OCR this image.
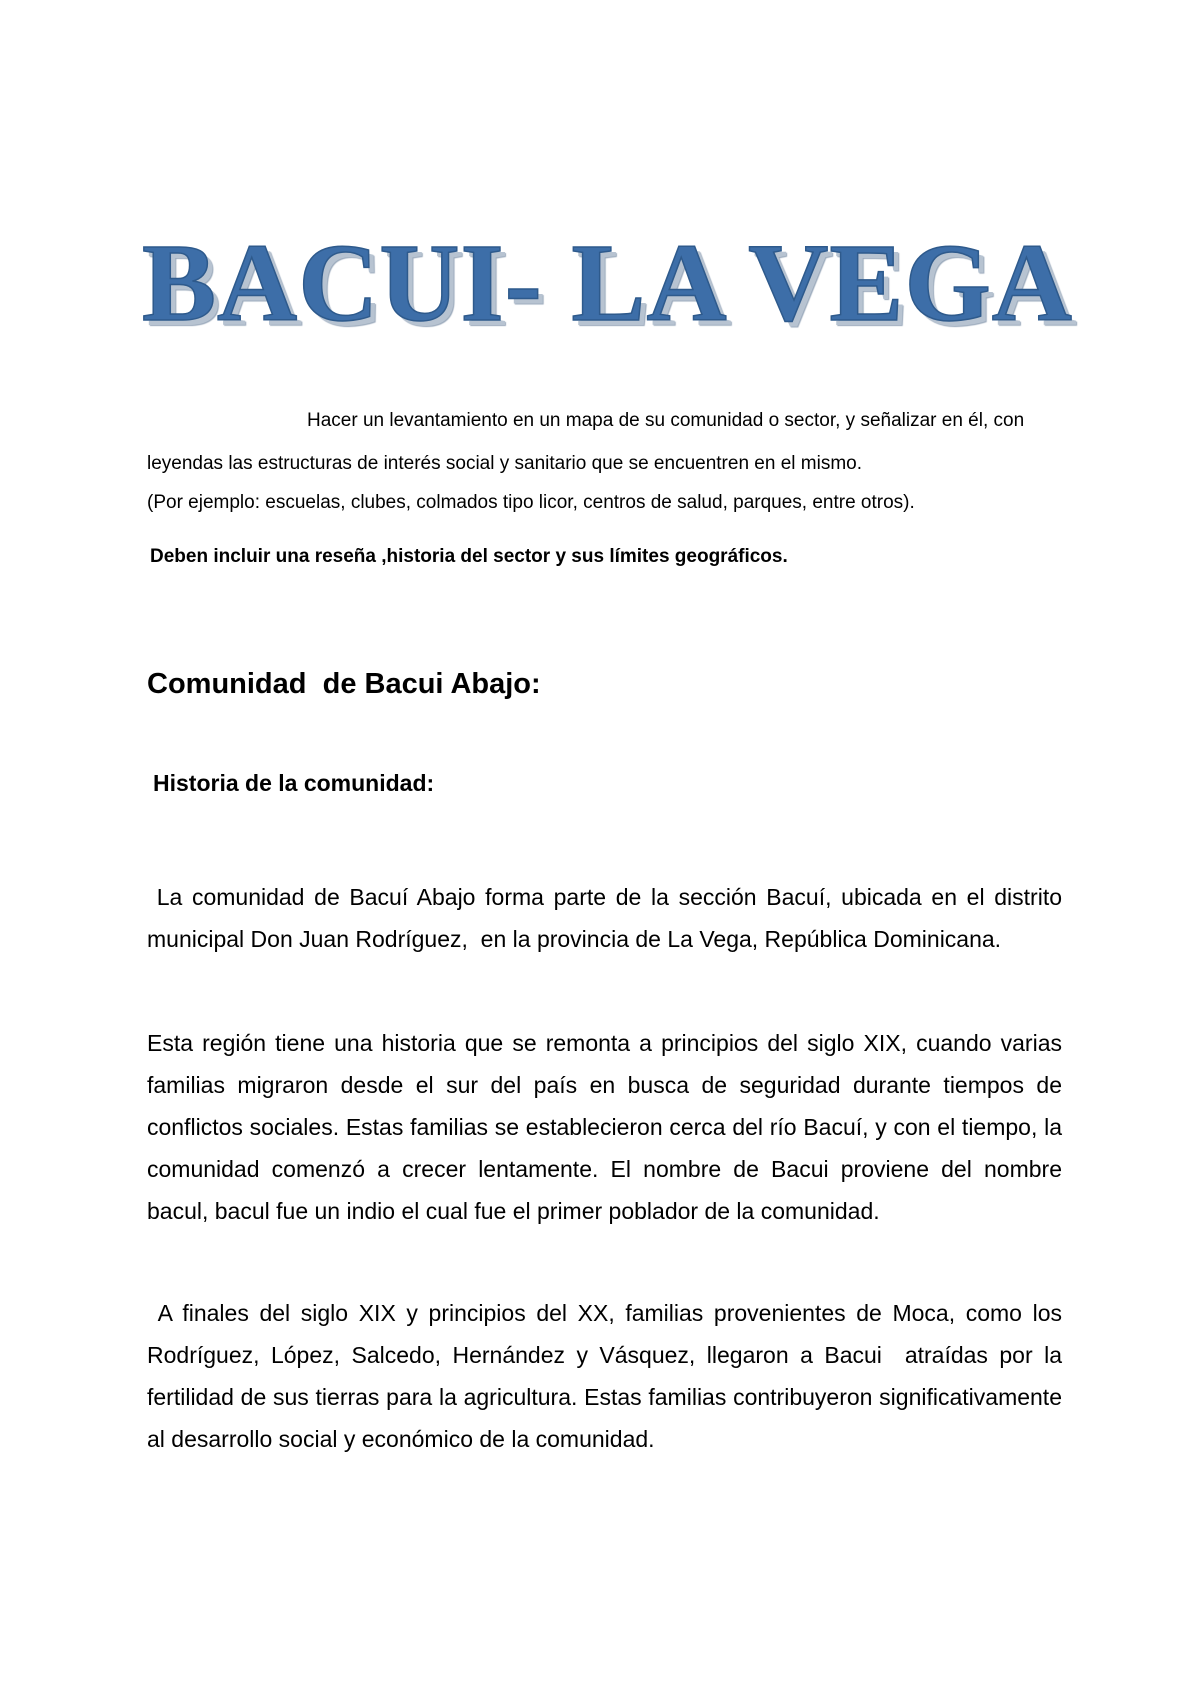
BACUI- LA VEGA

Hacer un levantamiento en un mapa de su comunidad o sector, y señalizar en él, con leyendas las estructuras de interés social y sanitario que se encuentren en el mismo.

(Por ejemplo: escuelas, clubes, colmados tipo licor, centros de salud, parques, entre otros).

Deben incluir una reseña ,historia del sector y sus límites geográficos.

Comunidad  de Bacui Abajo:
Historia de la comunidad:

La comunidad de Bacuí Abajo forma parte de la sección Bacuí, ubicada en el distrito municipal Don Juan Rodríguez,  en la provincia de La Vega, República Dominicana.

Esta región tiene una historia que se remonta a principios del siglo XIX, cuando varias familias migraron desde el sur del país en busca de seguridad durante tiempos de conflictos sociales. Estas familias se establecieron cerca del río Bacuí, y con el tiempo, la comunidad comenzó a crecer lentamente. El nombre de Bacui proviene del nombre bacul, bacul fue un indio el cual fue el primer poblador de la comunidad.

A finales del siglo XIX y principios del XX, familias provenientes de Moca, como los Rodríguez, López, Salcedo, Hernández y Vásquez, llegaron a Bacui  atraídas por la fertilidad de sus tierras para la agricultura. Estas familias contribuyeron significativamente al desarrollo social y económico de la comunidad.
